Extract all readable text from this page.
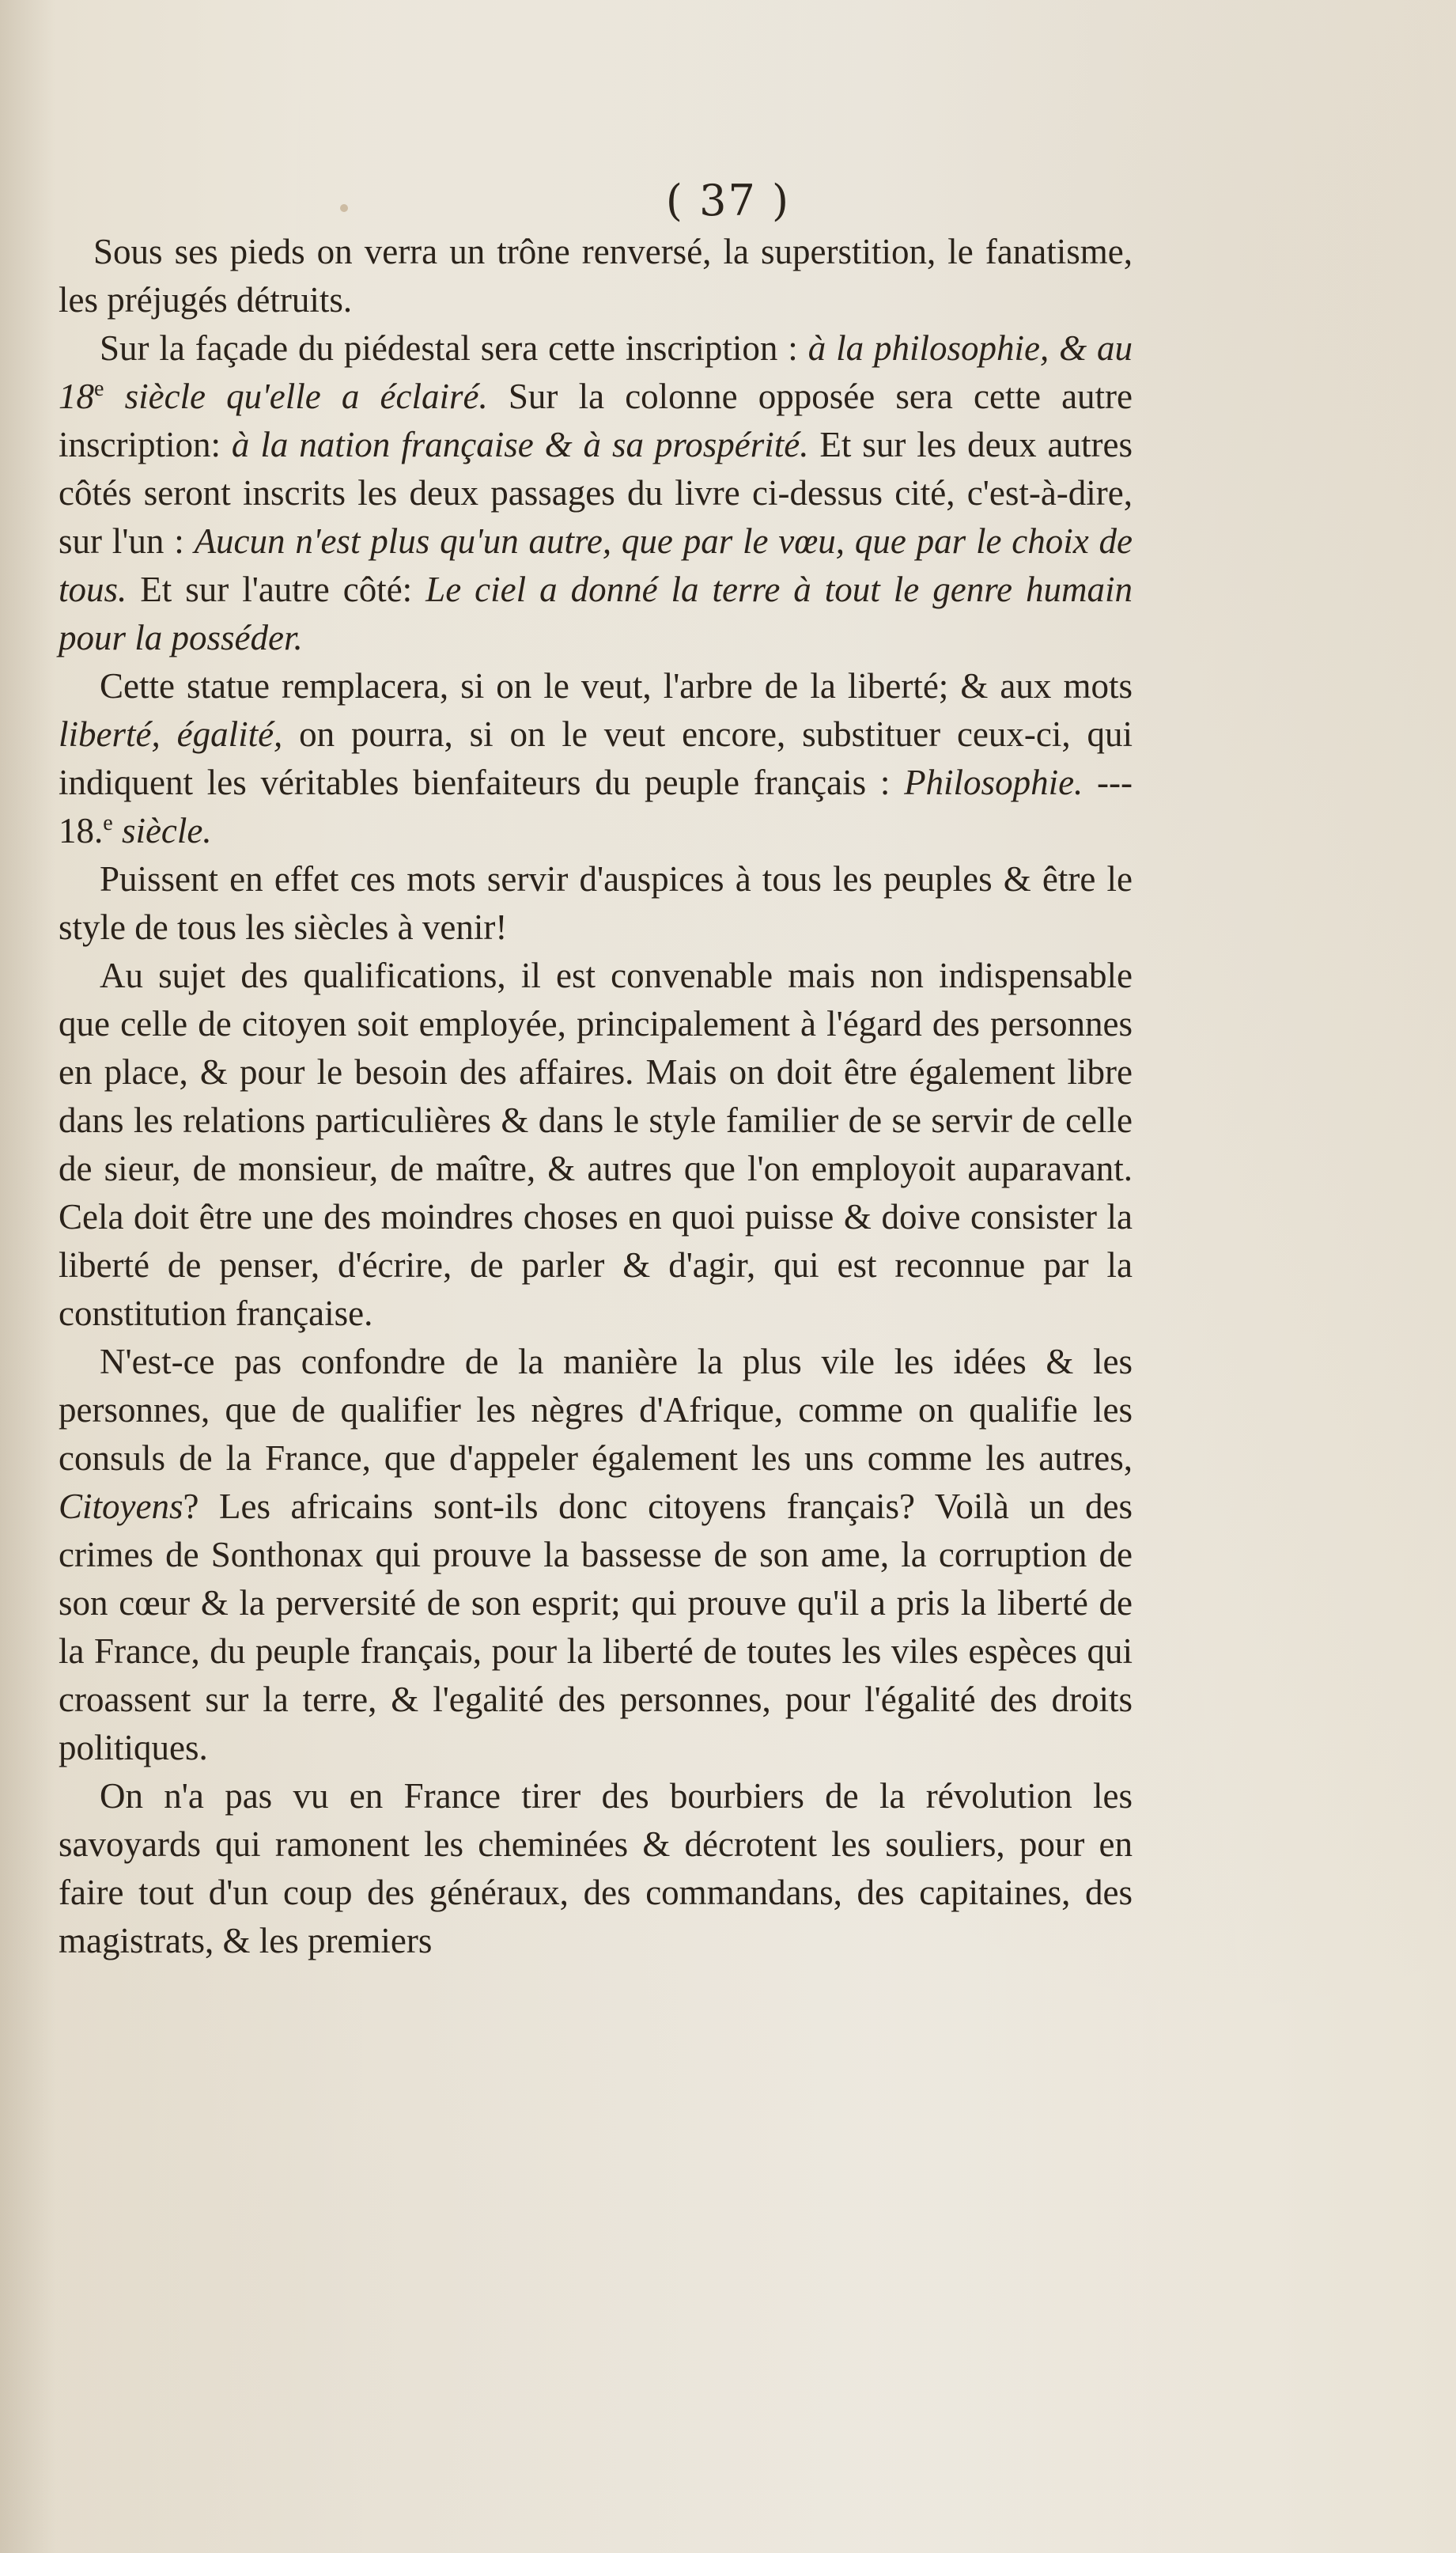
( 37 )

Sous ses pieds on verra un trône renversé, la superstition, le fanatisme, les préjugés détruits.

Sur la façade du piédestal sera cette inscription : à la philosophie, & au 18e siècle qu'elle a éclairé. Sur la colonne opposée sera cette autre inscription: à la nation française & à sa prospérité. Et sur les deux autres côtés seront inscrits les deux passages du livre ci-dessus cité, c'est-à-dire, sur l'un : Aucun n'est plus qu'un autre, que par le vœu, que par le choix de tous. Et sur l'autre côté: Le ciel a donné la terre à tout le genre humain pour la posséder.

Cette statue remplacera, si on le veut, l'arbre de la liberté; & aux mots liberté, égalité, on pourra, si on le veut encore, substituer ceux-ci, qui indiquent les véritables bienfaiteurs du peuple français : Philosophie. --- 18.$^e$ siècle.

Puissent en effet ces mots servir d'auspices à tous les peuples & être le style de tous les siècles à venir!

Au sujet des qualifications, il est convenable mais non indispensable que celle de citoyen soit employée, principalement à l'égard des personnes en place, & pour le besoin des affaires. Mais on doit être également libre dans les relations particulières & dans le style familier de se servir de celle de sieur, de monsieur, de maître, & autres que l'on employoit auparavant. Cela doit être une des moindres choses en quoi puisse & doive consister la liberté de penser, d'écrire, de parler & d'agir, qui est reconnue par la constitution française.

N'est-ce pas confondre de la manière la plus vile les idées & les personnes, que de qualifier les nègres d'Afrique, comme on qualifie les consuls de la France, que d'appeler également les uns comme les autres, Citoyens? Les africains sont-ils donc citoyens français? Voilà un des crimes de Sonthonax qui prouve la bassesse de son ame, la corruption de son cœur & la perversité de son esprit; qui prouve qu'il a pris la liberté de la France, du peuple français, pour la liberté de toutes les viles espèces qui croassent sur la terre, & l'egalité des personnes, pour l'égalité des droits politiques.

On n'a pas vu en France tirer des bourbiers de la révolution les savoyards qui ramonent les cheminées & décrotent les souliers, pour en faire tout d'un coup des généraux, des commandans, des capitaines, des magistrats, & les premiers
